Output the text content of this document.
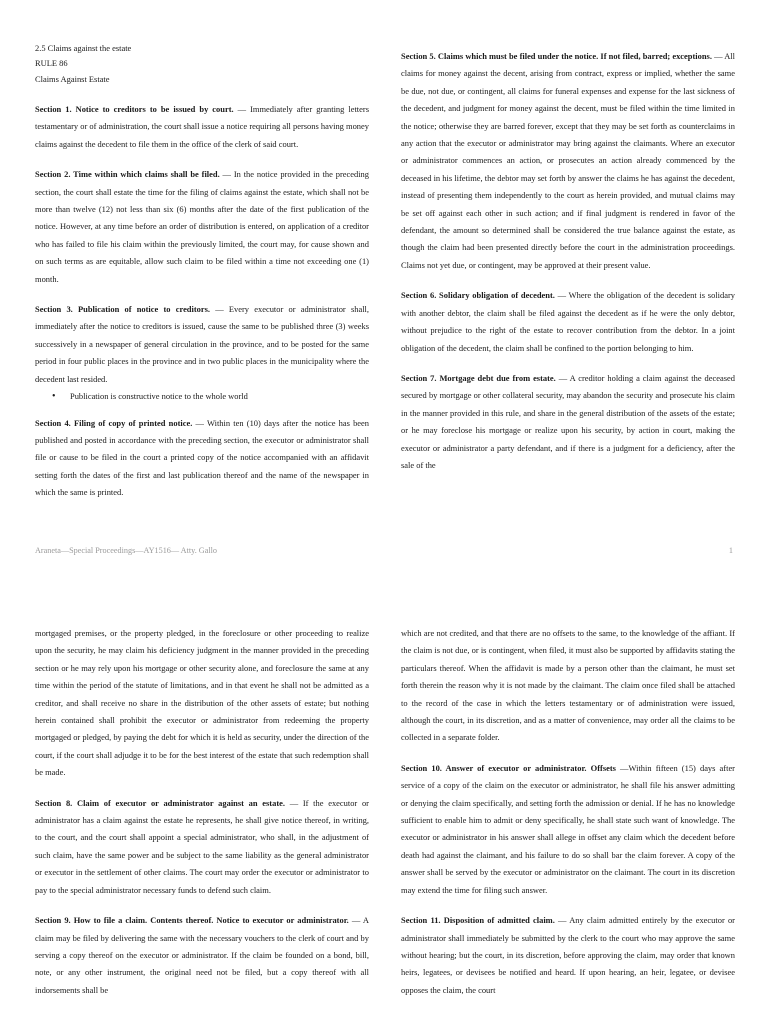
2.5 Claims against the estate
RULE 86
Claims Against Estate

Section 1. Notice to creditors to be issued by court. — Immediately after granting letters testamentary or of administration, the court shall issue a notice requiring all persons having money claims against the decedent to file them in the office of the clerk of said court.

Section 2. Time within which claims shall be filed. — In the notice provided in the preceding section, the court shall estate the time for the filing of claims against the estate, which shall not be more than twelve (12) not less than six (6) months after the date of the first publication of the notice. However, at any time before an order of distribution is entered, on application of a creditor who has failed to file his claim within the previously limited, the court may, for cause shown and on such terms as are equitable, allow such claim to be filed within a time not exceeding one (1) month.

Section 3. Publication of notice to creditors. — Every executor or administrator shall, immediately after the notice to creditors is issued, cause the same to be published three (3) weeks successively in a newspaper of general circulation in the province, and to be posted for the same period in four public places in the province and in two public places in the municipality where the decedent last resided.

• Publication is constructive notice to the whole world

Section 4. Filing of copy of printed notice. — Within ten (10) days after the notice has been published and posted in accordance with the preceding section, the executor or administrator shall file or cause to be filed in the court a printed copy of the notice accompanied with an affidavit setting forth the dates of the first and last publication thereof and the name of the newspaper in which the same is printed.

Section 5. Claims which must be filed under the notice. If not filed, barred; exceptions. — All claims for money against the decent, arising from contract, express or implied, whether the same be due, not due, or contingent, all claims for funeral expenses and expense for the last sickness of the decedent, and judgment for money against the decent, must be filed within the time limited in the notice; otherwise they are barred forever, except that they may be set forth as counterclaims in any action that the executor or administrator may bring against the claimants. Where an executor or administrator commences an action, or prosecutes an action already commenced by the deceased in his lifetime, the debtor may set forth by answer the claims he has against the decedent, instead of presenting them independently to the court as herein provided, and mutual claims may be set off against each other in such action; and if final judgment is rendered in favor of the defendant, the amount so determined shall be considered the true balance against the estate, as though the claim had been presented directly before the court in the administration proceedings. Claims not yet due, or contingent, may be approved at their present value.

Section 6. Solidary obligation of decedent. — Where the obligation of the decedent is solidary with another debtor, the claim shall be filed against the decedent as if he were the only debtor, without prejudice to the right of the estate to recover contribution from the debtor. In a joint obligation of the decedent, the claim shall be confined to the portion belonging to him.

Section 7. Mortgage debt due from estate. — A creditor holding a claim against the deceased secured by mortgage or other collateral security, may abandon the security and prosecute his claim in the manner provided in this rule, and share in the general distribution of the assets of the estate; or he may foreclose his mortgage or realize upon his security, by action in court, making the executor or administrator a party defendant, and if there is a judgment for a deficiency, after the sale of the

Araneta—Special Proceedings—AY1516— Atty. Gallo	1

mortgaged premises, or the property pledged, in the foreclosure or other proceeding to realize upon the security, he may claim his deficiency judgment in the manner provided in the preceding section or he may rely upon his mortgage or other security alone, and foreclosure the same at any time within the period of the statute of limitations, and in that event he shall not be admitted as a creditor, and shall receive no share in the distribution of the other assets of estate; but nothing herein contained shall prohibit the executor or administrator from redeeming the property mortgaged or pledged, by paying the debt for which it is held as security, under the direction of the court, if the court shall adjudge it to be for the best interest of the estate that such redemption shall be made.

Section 8. Claim of executor or administrator against an estate. — If the executor or administrator has a claim against the estate he represents, he shall give notice thereof, in writing, to the court, and the court shall appoint a special administrator, who shall, in the adjustment of such claim, have the same power and be subject to the same liability as the general administrator or executor in the settlement of other claims. The court may order the executor or administrator to pay to the special administrator necessary funds to defend such claim.

Section 9. How to file a claim. Contents thereof. Notice to executor or administrator. — A claim may be filed by delivering the same with the necessary vouchers to the clerk of court and by serving a copy thereof on the executor or administrator. If the claim be founded on a bond, bill, note, or any other instrument, the original need not be filed, but a copy thereof with all indorsements shall be

which are not credited, and that there are no offsets to the same, to the knowledge of the affiant. If the claim is not due, or is contingent, when filed, it must also be supported by affidavits stating the particulars thereof. When the affidavit is made by a person other than the claimant, he must set forth therein the reason why it is not made by the claimant. The claim once filed shall be attached to the record of the case in which the letters testamentary or of administration were issued, although the court, in its discretion, and as a matter of convenience, may order all the claims to be collected in a separate folder.

Section 10. Answer of executor or administrator. Offsets —Within fifteen (15) days after service of a copy of the claim on the executor or administrator, he shall file his answer admitting or denying the claim specifically, and setting forth the admission or denial. If he has no knowledge sufficient to enable him to admit or deny specifically, he shall state such want of knowledge. The executor or administrator in his answer shall allege in offset any claim which the decedent before death had against the claimant, and his failure to do so shall bar the claim forever. A copy of the answer shall be served by the executor or administrator on the claimant. The court in its discretion may extend the time for filing such answer.

Section 11. Disposition of admitted claim. — Any claim admitted entirely by the executor or administrator shall immediately be submitted by the clerk to the court who may approve the same without hearing; but the court, in its discretion, before approving the claim, may order that known heirs, legatees, or devisees be notified and heard. If upon hearing, an heir, legatee, or devisee opposes the claim, the court
